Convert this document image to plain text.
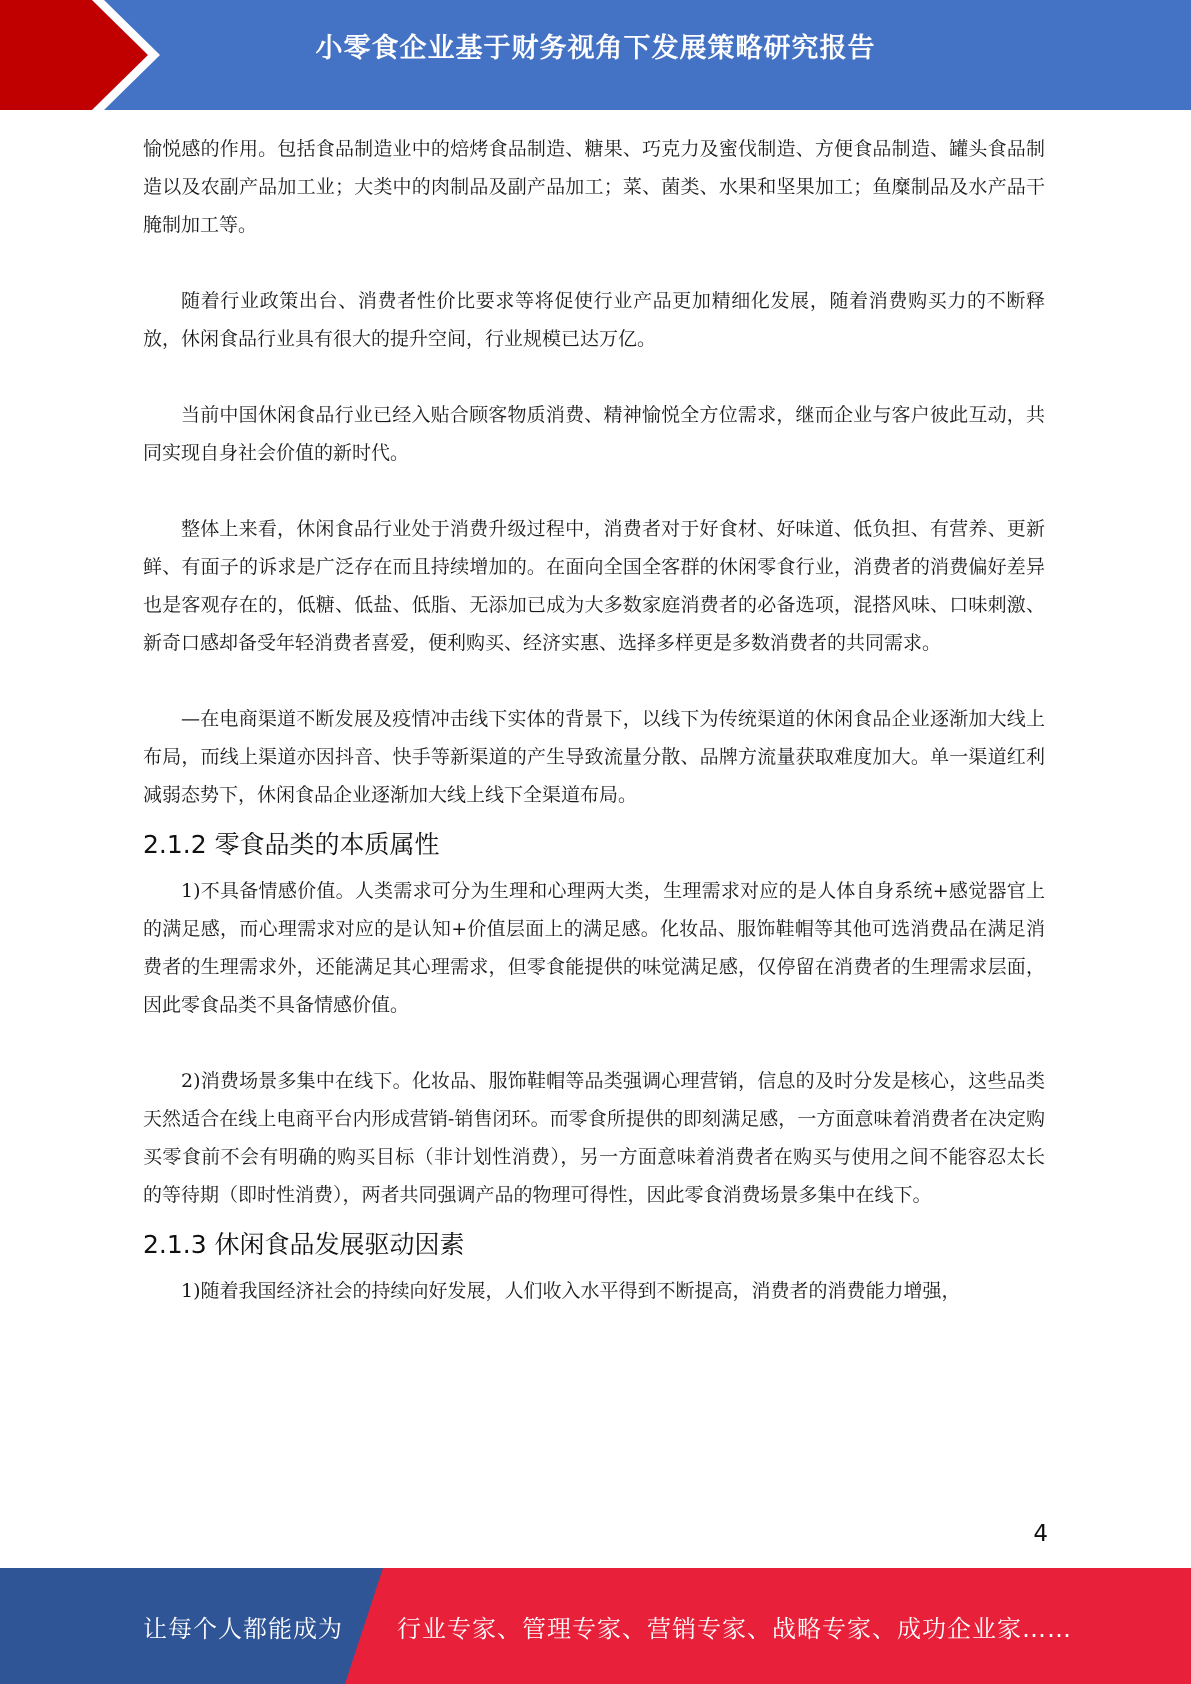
小零食企业基于财务视角下发展策略研究报告

愉悦感的作用。包括食品制造业中的焙烤食品制造、糖果、巧克力及蜜伐制造、方便食品制造、罐头食品制造以及农副产品加工业；大类中的肉制品及副产品加工；菜、菌类、水果和坚果加工；鱼糜制品及水产品干腌制加工等。

随着行业政策出台、消费者性价比要求等将促使行业产品更加精细化发展，随着消费购买力的不断释放，休闲食品行业具有很大的提升空间，行业规模已达万亿。

当前中国休闲食品行业已经入贴合顾客物质消费、精神愉悦全方位需求，继而企业与客户彼此互动，共同实现自身社会价值的新时代。

整体上来看，休闲食品行业处于消费升级过程中，消费者对于好食材、好味道、低负担、有营养、更新鲜、有面子的诉求是广泛存在而且持续增加的。在面向全国全客群的休闲零食行业，消费者的消费偏好差异也是客观存在的，低糖、低盐、低脂、无添加已成为大多数家庭消费者的必备选项，混搭风味、口味刺激、新奇口感却备受年轻消费者喜爱，便利购买、经济实惠、选择多样更是多数消费者的共同需求。

—在电商渠道不断发展及疫情冲击线下实体的背景下，以线下为传统渠道的休闲食品企业逐渐加大线上布局，而线上渠道亦因抖音、快手等新渠道的产生导致流量分散、品牌方流量获取难度加大。单一渠道红利减弱态势下，休闲食品企业逐渐加大线上线下全渠道布局。

2.1.2 零食品类的本质属性

1)不具备情感价值。人类需求可分为生理和心理两大类，生理需求对应的是人体自身系统+感觉器官上的满足感，而心理需求对应的是认知+价值层面上的满足感。化妆品、服饰鞋帽等其他可选消费品在满足消费者的生理需求外，还能满足其心理需求，但零食能提供的味觉满足感，仅停留在消费者的生理需求层面，因此零食品类不具备情感价值。

2)消费场景多集中在线下。化妆品、服饰鞋帽等品类强调心理营销，信息的及时分发是核心，这些品类天然适合在线上电商平台内形成营销-销售闭环。而零食所提供的即刻满足感，一方面意味着消费者在决定购买零食前不会有明确的购买目标（非计划性消费），另一方面意味着消费者在购买与使用之间不能容忍太长的等待期（即时性消费），两者共同强调产品的物理可得性，因此零食消费场景多集中在线下。

2.1.3 休闲食品发展驱动因素

1)随着我国经济社会的持续向好发展，人们收入水平得到不断提高，消费者的消费能力增强，

4
让每个人都能成为 行业专家、管理专家、营销专家、战略专家、成功企业家……
